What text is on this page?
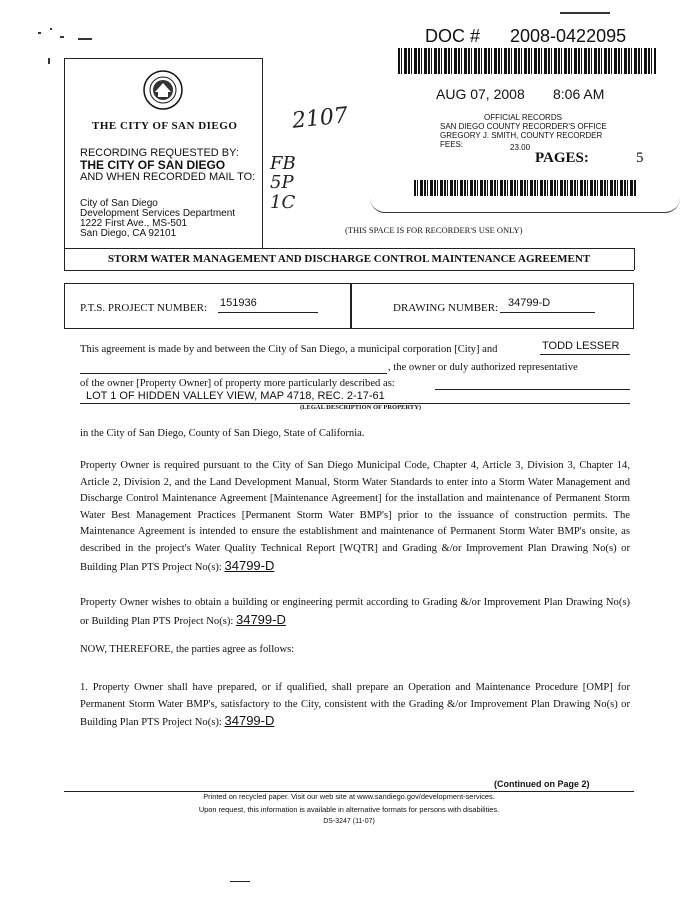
DOC # 2008-0422095
AUG 07, 2008 8:06 AM
OFFICIAL RECORDS
SAN DIEGO COUNTY RECORDER'S OFFICE
GREGORY J. SMITH, COUNTY RECORDER
FEES:	23.00
PAGES:	5
THE CITY OF SAN DIEGO
RECORDING REQUESTED BY:
THE CITY OF SAN DIEGO
AND WHEN RECORDED MAIL TO:
City of San Diego
Development Services Department
1222 First Ave., MS-501
San Diego, CA 92101
2107
FB
5P
1C
(THIS SPACE IS FOR RECORDER'S USE ONLY)
STORM WATER MANAGEMENT AND DISCHARGE CONTROL MAINTENANCE AGREEMENT
P.T.S. PROJECT NUMBER: 151936	DRAWING NUMBER: 34799-D
This agreement is made by and between the City of San Diego, a municipal corporation [City] and	TODD LESSER
, the owner or duly authorized representative
of the owner [Property Owner] of property more particularly described as:
LOT 1 OF HIDDEN VALLEY VIEW, MAP 4718, REC. 2-17-61
(LEGAL DESCRIPTION OF PROPERTY)
in the City of San Diego, County of San Diego, State of California.
Property Owner is required pursuant to the City of San Diego Municipal Code, Chapter 4, Article 3, Division 3, Chapter 14, Article 2, Division 2, and the Land Development Manual, Storm Water Standards to enter into a Storm Water Management and Discharge Control Maintenance Agreement [Maintenance Agreement] for the installation and maintenance of Permanent Storm Water Best Management Practices [Permanent Storm Water BMP's] prior to the issuance of construction permits. The Maintenance Agreement is intended to ensure the establishment and maintenance of Permanent Storm Water BMP's onsite, as described in the project's Water Quality Technical Report [WQTR] and Grading &/or Improvement Plan Drawing No(s) or Building Plan PTS Project No(s): 34799-D
Property Owner wishes to obtain a building or engineering permit according to Grading &/or Improvement Plan Drawing No(s) or Building Plan PTS Project No(s): 34799-D
NOW, THEREFORE, the parties agree as follows:
1. Property Owner shall have prepared, or if qualified, shall prepare an Operation and Maintenance Procedure [OMP] for Permanent Storm Water BMP's, satisfactory to the City, consistent with the Grading &/or Improvement Plan Drawing No(s) or Building Plan PTS Project No(s): 34799-D
(Continued on Page 2)
Printed on recycled paper. Visit our web site at www.sandiego.gov/development-services.
Upon request, this information is available in alternative formats for persons with disabilities.
DS-3247 (11-07)
